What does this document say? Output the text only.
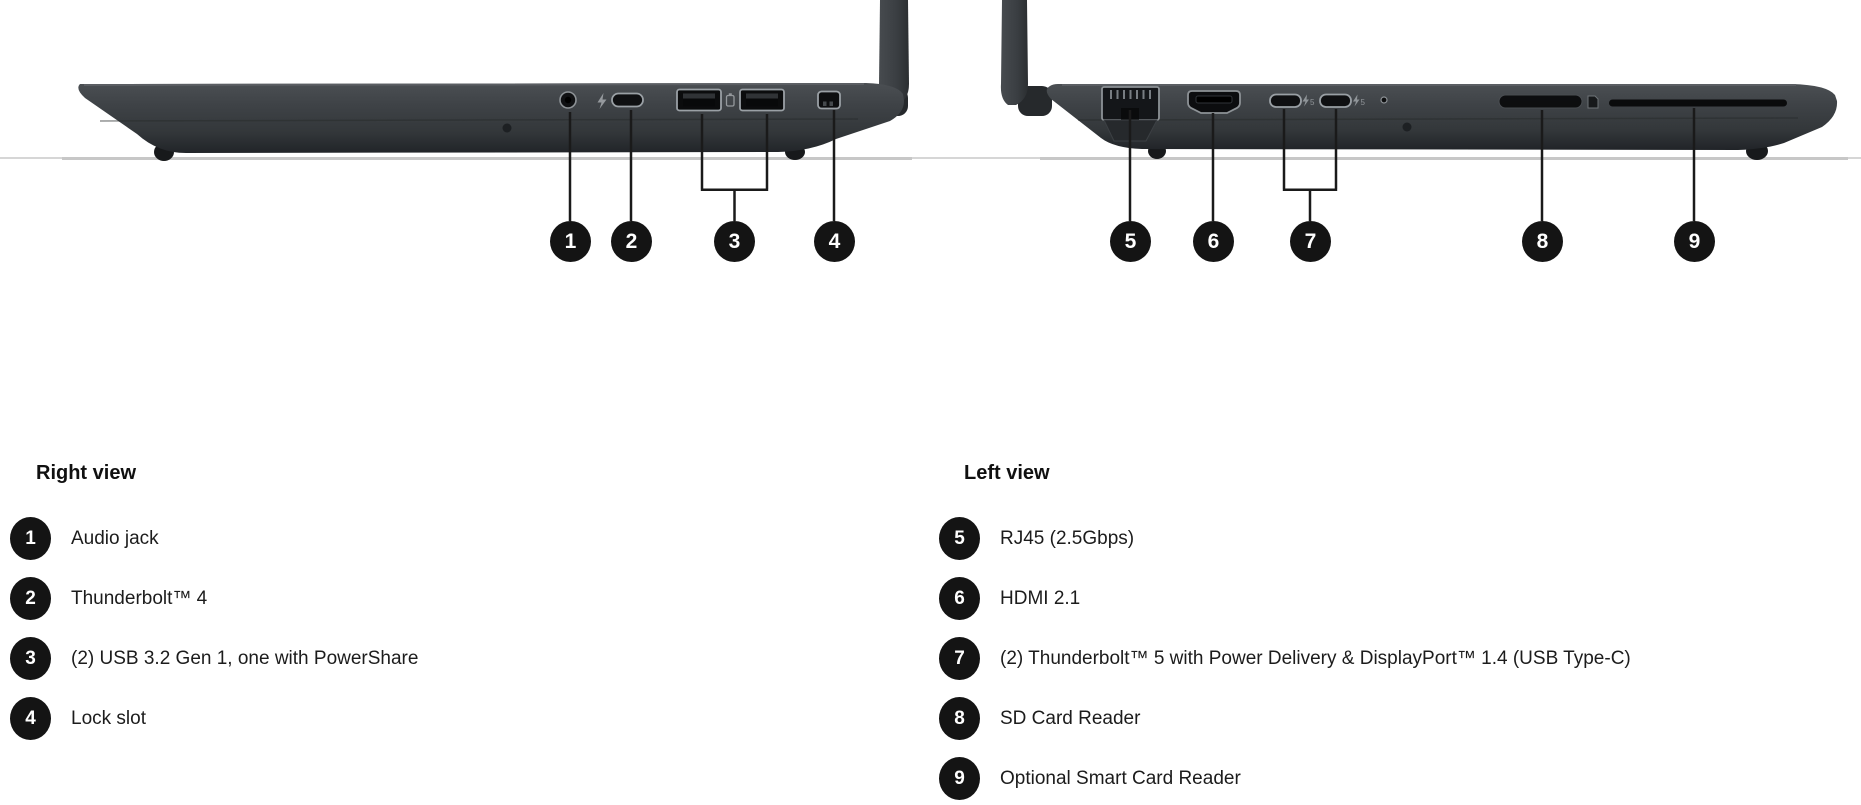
5	5
1	2	3	4	5	6	7	8	9
Right view
1	Audio jack
2	Thunderbolt™ 4
3	(2) USB 3.2 Gen 1, one with PowerShare
4	Lock slot
Left view
5	RJ45 (2.5Gbps)
6	HDMI 2.1
7	(2) Thunderbolt™ 5 with Power Delivery & DisplayPort™ 1.4 (USB Type-C)
8	SD Card Reader
9	Optional Smart Card Reader
